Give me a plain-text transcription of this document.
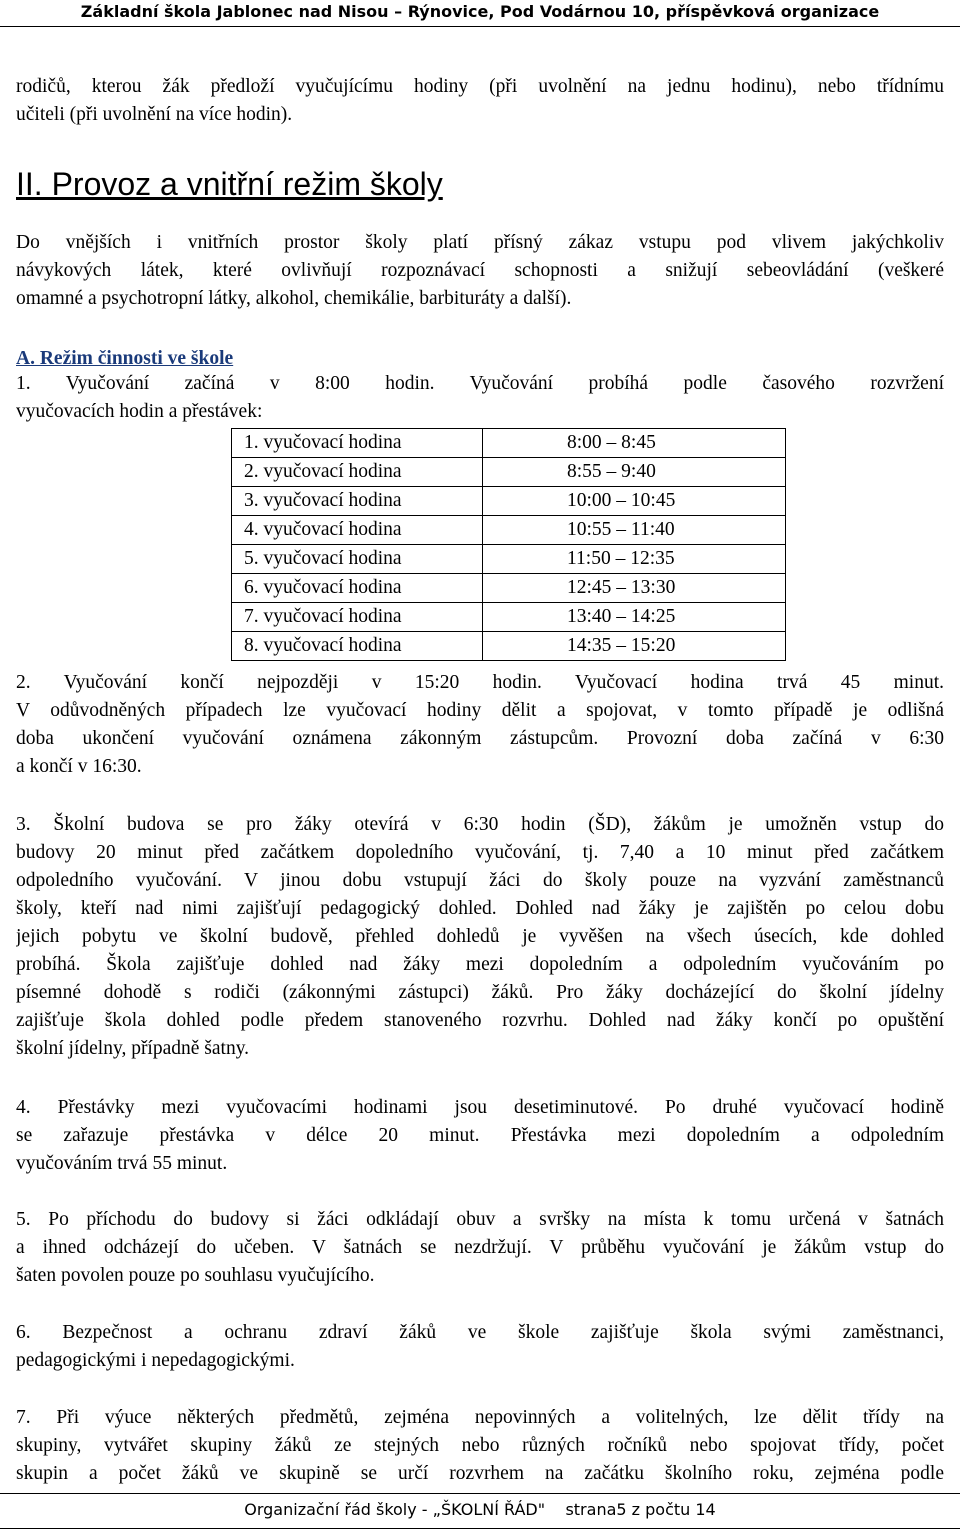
Základní škola Jablonec nad Nisou – Rýnovice, Pod Vodárnou 10, příspěvková organizace
rodičů, kterou žák předloží vyučujícímu hodiny (při uvolnění na jednu hodinu), nebo třídnímu
učiteli (při uvolnění na více hodin).
II. Provoz a vnitřní režim školy
Do vnějších i vnitřních prostor školy platí přísný zákaz vstupu pod vlivem jakýchkoliv
návykových látek, které ovlivňují rozpoznávací schopnosti a snižují sebeovládání (veškeré
omamné a psychotropní látky, alkohol, chemikálie, barbituráty a další).
A. Režim činnosti ve škole
1. Vyučování začíná v 8:00 hodin. Vyučování probíhá podle časového rozvržení
vyučovacích hodin a přestávek:
1. vyučovací hodina	8:00 – 8:45
2. vyučovací hodina	8:55 – 9:40
3. vyučovací hodina	10:00 – 10:45
4. vyučovací hodina	10:55 – 11:40
5. vyučovací hodina	11:50 – 12:35
6. vyučovací hodina	12:45 – 13:30
7. vyučovací hodina	13:40 – 14:25
8. vyučovací hodina	14:35 – 15:20
2. Vyučování končí nejpozději v 15:20 hodin. Vyučovací hodina trvá 45 minut.
V odůvodněných případech lze vyučovací hodiny dělit a spojovat, v tomto případě je odlišná
doba ukončení vyučování oznámena zákonným zástupcům. Provozní doba začíná v 6:30
a končí v 16:30.
3. Školní budova se pro žáky otevírá v 6:30 hodin (ŠD), žákům je umožněn vstup do
budovy 20 minut před začátkem dopoledního vyučování, tj. 7,40 a 10 minut před začátkem
odpoledního vyučování. V jinou dobu vstupují žáci do školy pouze na vyzvání zaměstnanců
školy, kteří nad nimi zajišťují pedagogický dohled. Dohled nad žáky je zajištěn po celou dobu
jejich pobytu ve školní budově, přehled dohledů je vyvěšen na všech úsecích, kde dohled
probíhá. Škola zajišťuje dohled nad žáky mezi dopoledním a odpoledním vyučováním po
písemné dohodě s rodiči (zákonnými zástupci) žáků. Pro žáky docházející do školní jídelny
zajišťuje škola dohled podle předem stanoveného rozvrhu. Dohled nad žáky končí po opuštění
školní jídelny, případně šatny.
4. Přestávky mezi vyučovacími hodinami jsou desetiminutové. Po druhé vyučovací hodině
se zařazuje přestávka v délce 20 minut. Přestávka mezi dopoledním a odpoledním
vyučováním trvá 55 minut.
5. Po příchodu do budovy si žáci odkládají obuv a svršky na místa k tomu určená v šatnách
a ihned odcházejí do učeben. V šatnách se nezdržují. V průběhu vyučování je žákům vstup do
šaten povolen pouze po souhlasu vyučujícího.
6. Bezpečnost a ochranu zdraví žáků ve škole zajišťuje škola svými zaměstnanci,
pedagogickými i nepedagogickými.
7. Při výuce některých předmětů, zejména nepovinných a volitelných, lze dělit třídy na
skupiny, vytvářet skupiny žáků ze stejných nebo různých ročníků nebo spojovat třídy, počet
skupin a počet žáků ve skupině se určí rozvrhem na začátku školního roku, zejména podle
Organizační řád školy - „ŠKOLNÍ ŘÁD"    strana5 z počtu 14
